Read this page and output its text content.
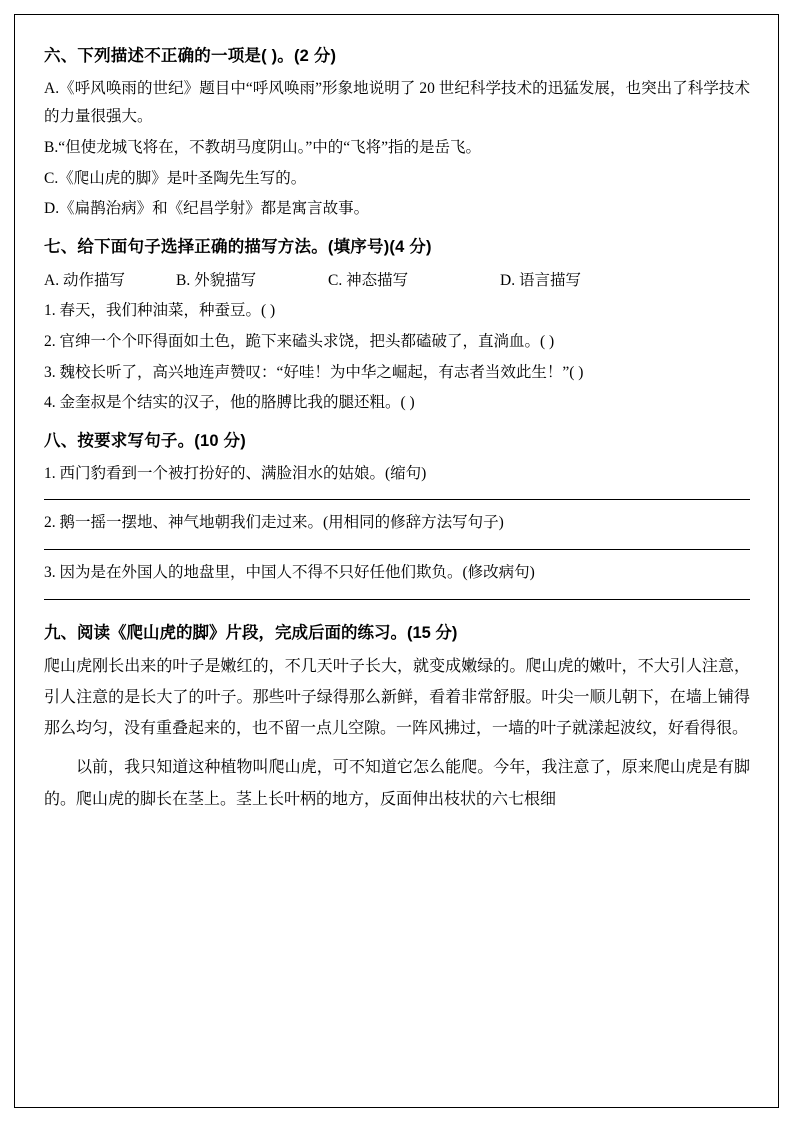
六、下列描述不正确的一项是( )。(2 分)

A.《呼风唤雨的世纪》题目中“呼风唤雨”形象地说明了 20 世纪科学技术的迅猛发展，也突出了科学技术的力量很强大。

B.“但使龙城飞将在，不教胡马度阴山。”中的“飞将”指的是岳飞。

C.《爬山虎的脚》是叶圣陶先生写的。

D.《扁鹊治病》和《纪昌学射》都是寓言故事。

七、给下面句子选择正确的描写方法。(填序号)(4 分)

A. 动作描写	B. 外貌描写	C. 神态描写	D. 语言描写

1. 春天，我们种油菜，种蚕豆。( )

2. 官绅一个个吓得面如土色，跪下来磕头求饶，把头都磕破了，直淌血。( )

3. 魏校长听了，高兴地连声赞叹：“好哇！为中华之崛起，有志者当效此生！”( )

4. 金奎叔是个结实的汉子，他的胳膊比我的腿还粗。( )

八、按要求写句子。(10 分)

1. 西门豹看到一个被打扮好的、满脸泪水的姑娘。(缩句)

2. 鹅一摇一摆地、神气地朝我们走过来。(用相同的修辞方法写句子)

3. 因为是在外国人的地盘里，中国人不得不只好任他们欺负。(修改病句)

九、阅读《爬山虎的脚》片段，完成后面的练习。(15 分)

爬山虎刚长出来的叶子是嫩红的，不几天叶子长大，就变成嫩绿的。爬山虎的嫩叶，不大引人注意，引人注意的是长大了的叶子。那些叶子绿得那么新鲜，看着非常舒服。叶尖一顺儿朝下，在墙上铺得那么均匀，没有重叠起来的，也不留一点儿空隙。一阵风拂过，一墙的叶子就漾起波纹，好看得很。

以前，我只知道这种植物叫爬山虎，可不知道它怎么能爬。今年，我注意了，原来爬山虎是有脚的。爬山虎的脚长在茎上。茎上长叶柄的地方，反面伸出枝状的六七根细
